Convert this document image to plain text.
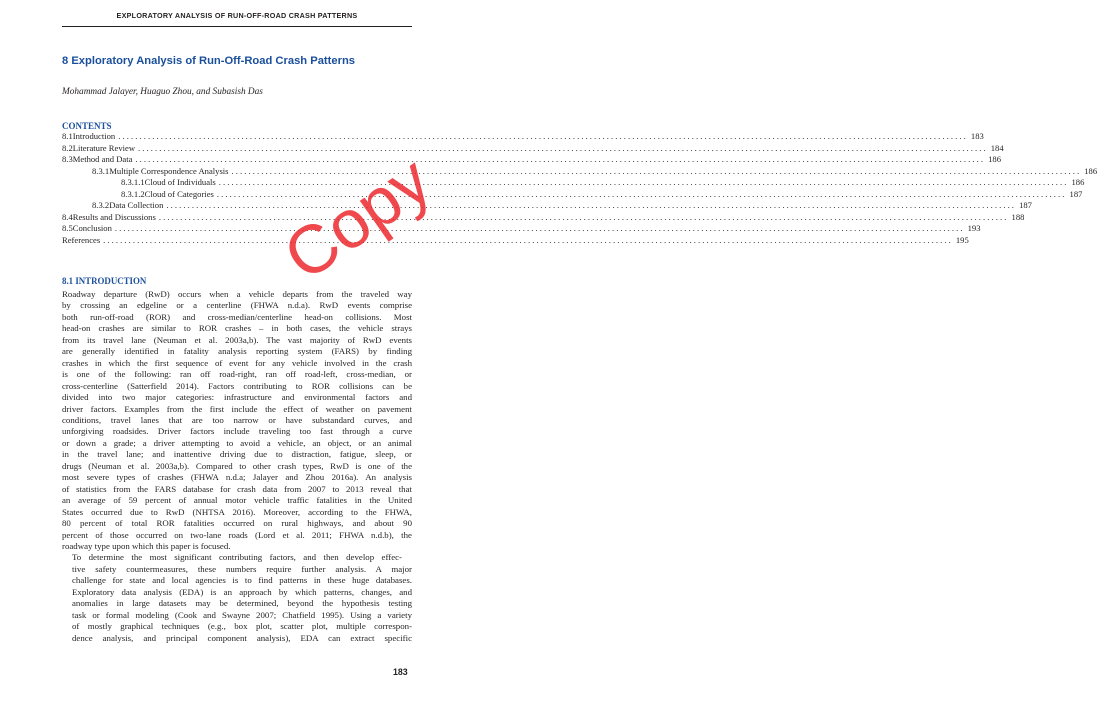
EXPLORATORY ANALYSIS OF RUN-OFF-ROAD CRASH PATTERNS
8 Exploratory Analysis of Run-Off-Road Crash Patterns
Mohammad Jalayer, Huaguo Zhou, and Subasish Das
CONTENTS
8.1 Introduction ........................................................................................................................................................................................................ 183
8.2 Literature Review ........................................................................................................................................................................................................ 184
8.3 Method and Data ........................................................................................................................................................................................................ 186
8.3.1 Multiple Correspondence Analysis ........................................................................................................................................................................................................ 186
8.3.1.1 Cloud of Individuals ........................................................................................................................................................................................................ 186
8.3.1.2 Cloud of Categories ........................................................................................................................................................................................................ 187
8.3.2 Data Collection ........................................................................................................................................................................................................ 187
8.4 Results and Discussions ........................................................................................................................................................................................................ 188
8.5 Conclusion ........................................................................................................................................................................................................ 193
References ........................................................................................................................................................................................................ 195
8.1 INTRODUCTION

Roadway departure (RwD) occurs when a vehicle departs from the traveled way
by crossing an edgeline or a centerline (FHWA n.d.a). RwD events comprise
both run-off-road (ROR) and cross-median/centerline head-on collisions. Most
head-on crashes are similar to ROR crashes – in both cases, the vehicle strays
from its travel lane (Neuman et al. 2003a,b). The vast majority of RwD events
are generally identified in fatality analysis reporting system (FARS) by finding
crashes in which the first sequence of event for any vehicle involved in the crash
is one of the following: ran off road-right, ran off road-left, cross-median, or
cross-centerline (Satterfield 2014). Factors contributing to ROR collisions can be
divided into two major categories: infrastructure and environmental factors and
driver factors. Examples from the first include the effect of weather on pavement
conditions, travel lanes that are too narrow or have substandard curves, and
unforgiving roadsides. Driver factors include traveling too fast through a curve
or down a grade; a driver attempting to avoid a vehicle, an object, or an animal
in the travel lane; and inattentive driving due to distraction, fatigue, sleep, or
drugs (Neuman et al. 2003a,b). Compared to other crash types, RwD is one of the
most severe types of crashes (FHWA n.d.a; Jalayer and Zhou 2016a). An analysis
of statistics from the FARS database for crash data from 2007 to 2013 reveal that
an average of 59 percent of annual motor vehicle traffic fatalities in the United
States occurred due to RwD (NHTSA 2016). Moreover, according to the FHWA,
80 percent of total ROR fatalities occurred on rural highways, and about 90
percent of those occurred on two-lane roads (Lord et al. 2011; FHWA n.d.b), the
roadway type upon which this paper is focused.

To determine the most significant contributing factors, and then develop effec-
tive safety countermeasures, these numbers require further analysis. A major
challenge for state and local agencies is to find patterns in these huge databases.
Exploratory data analysis (EDA) is an approach by which patterns, changes, and
anomalies in large datasets may be determined, beyond the hypothesis testing
task or formal modeling (Cook and Swayne 2007; Chatfield 1995). Using a variety
of mostly graphical techniques (e.g., box plot, scatter plot, multiple correspon-
dence analysis, and principal component analysis), EDA can extract specific

Copy
183
